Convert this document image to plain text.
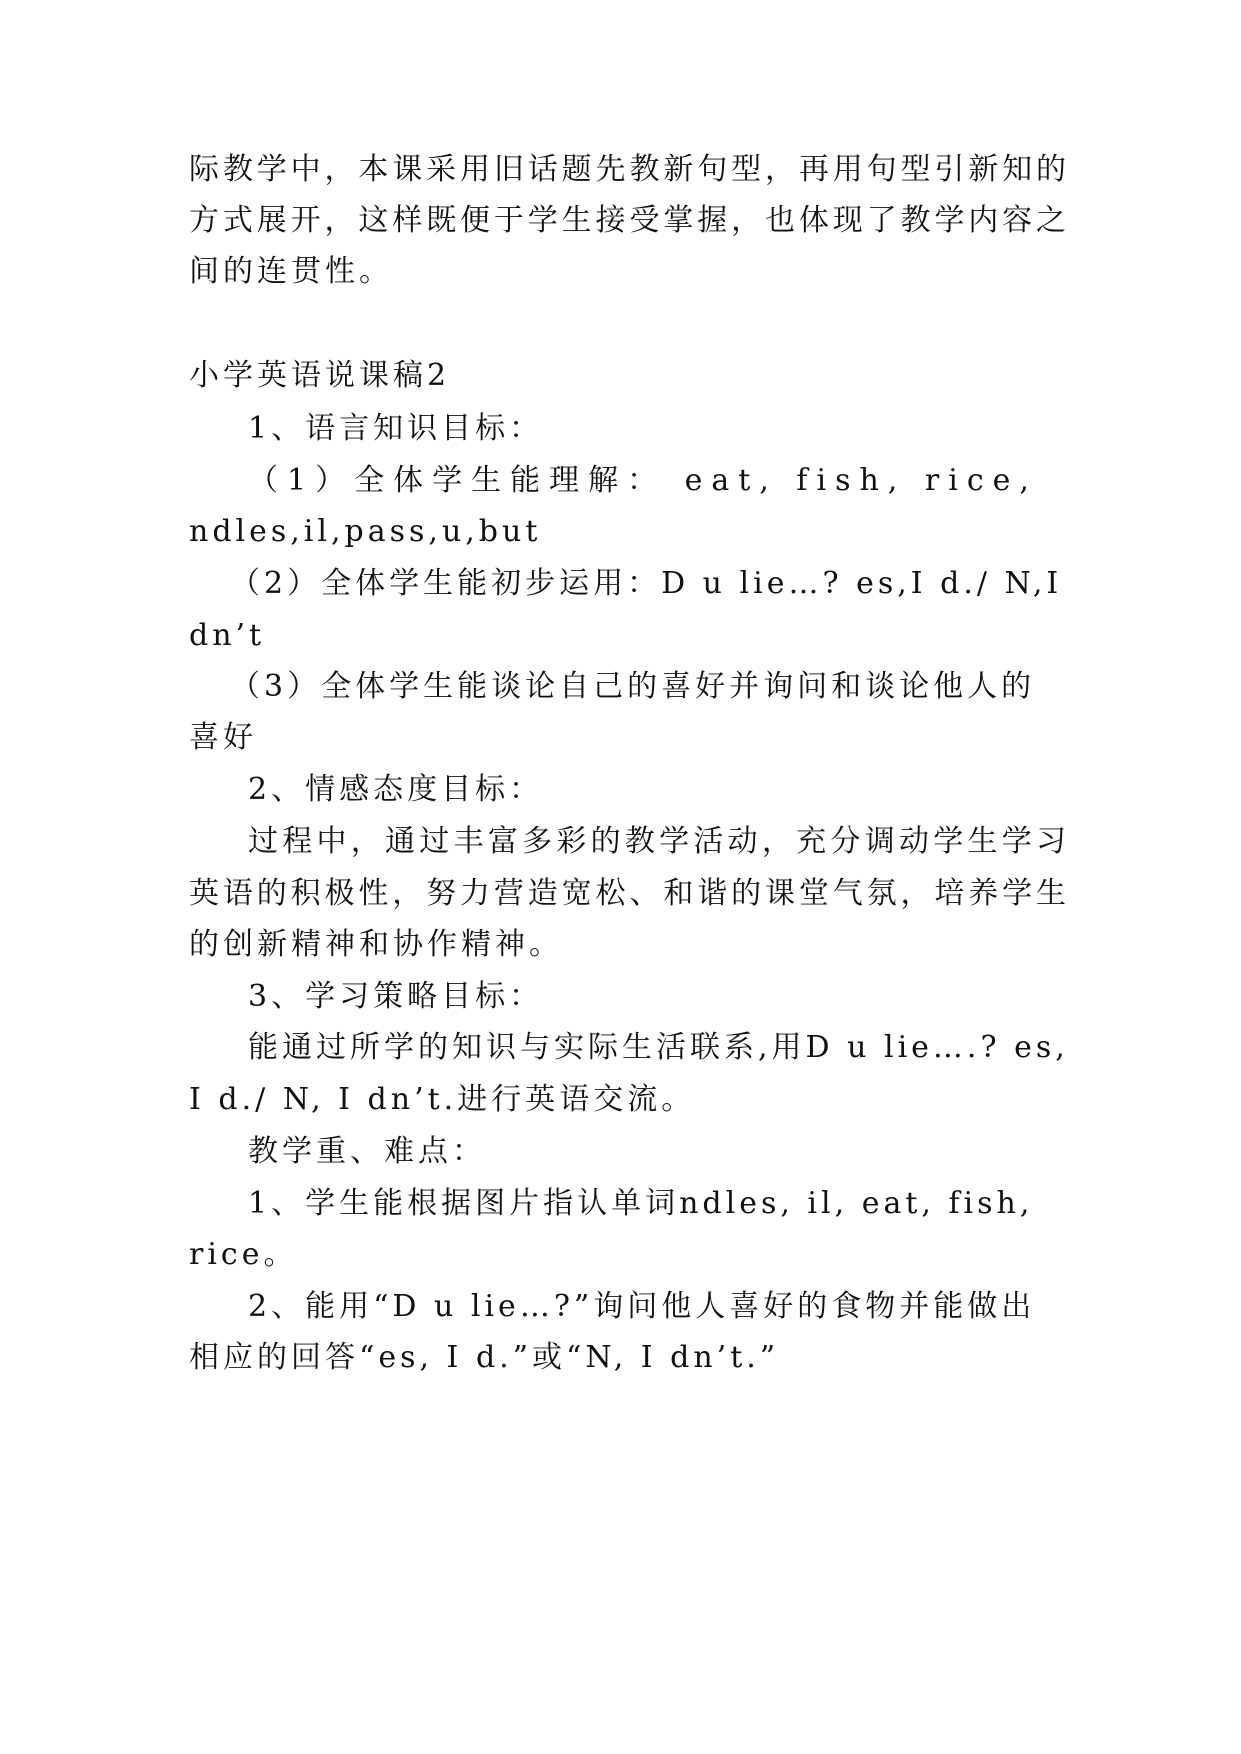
际教学中，本课采用旧话题先教新句型，再用句型引新知的
方式展开，这样既便于学生接受掌握，也体现了教学内容之
间的连贯性。
小学英语说课稿2
1、语言知识目标：
（1）全体学生能理解： eat, fish, rice,
ndles,il,pass,u,but
（2）全体学生能初步运用：D u lie…? es,I d./ N,I
dn’t
（3）全体学生能谈论自己的喜好并询问和谈论他人的
喜好
2、情感态度目标：
过程中，通过丰富多彩的教学活动，充分调动学生学习
英语的积极性，努力营造宽松、和谐的课堂气氛，培养学生
的创新精神和协作精神。
3、学习策略目标：
能通过所学的知识与实际生活联系,用D u lie….? es,
I d./ N, I dn’t.进行英语交流。
教学重、难点：
1、学生能根据图片指认单词ndles, il, eat, fish,
rice。
2、能用“D u lie…?”询问他人喜好的食物并能做出
相应的回答“es, I d.”或“N, I dn’t.”
